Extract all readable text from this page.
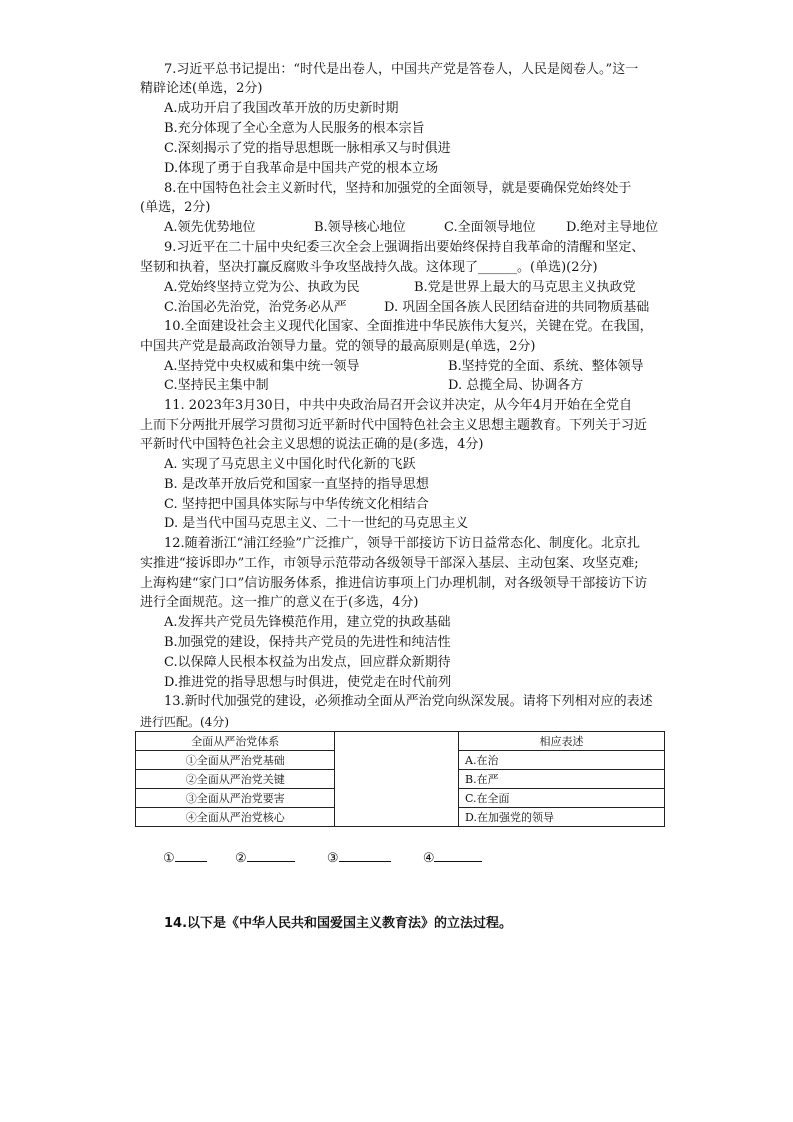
7.习近平总书记提出：“时代是出卷人，中国共产党是答卷人，人民是阅卷人。”这一
精辟论述(单选，2分)
A.成功开启了我国改革开放的历史新时期
B.充分体现了全心全意为人民服务的根本宗旨
C.深刻揭示了党的指导思想既一脉相承又与时俱进
D.体现了勇于自我革命是中国共产党的根本立场
8.在中国特色社会主义新时代，坚持和加强党的全面领导，就是要确保党始终处于
(单选，2分)
A.领先优势地位	B.领导核心地位	C.全面领导地位 D.绝对主导地位
9.习近平在二十届中央纪委三次全会上强调指出要始终保持自我革命的清醒和坚定、
坚韧和执着，坚决打赢反腐败斗争攻坚战持久战。这体现了______。(单选)(2分)
A.党始终坚持立党为公、执政为民	B.党是世界上最大的马克思主义执政党
C.治国必先治党，治党务必从严	D. 巩固全国各族人民团结奋进的共同物质基础
10.全面建设社会主义现代化国家、全面推进中华民族伟大复兴，关键在党。在我国，
中国共产党是最高政治领导力量。党的领导的最高原则是(单选，2分)
A.坚持党中央权威和集中统一领导	B.坚持党的全面、系统、整体领导
C.坚持民主集中制	D. 总揽全局、协调各方
11. 2023年3月30日，中共中央政治局召开会议并决定，从今年4月开始在全党自
上而下分两批开展学习贯彻习近平新时代中国特色社会主义思想主题教育。下列关于习近
平新时代中国特色社会主义思想的说法正确的是(多选，4分)
A. 实现了马克思主义中国化时代化新的飞跃
B. 是改革开放后党和国家一直坚持的指导思想
C. 坚持把中国具体实际与中华传统文化相结合
D. 是当代中国马克思主义、二十一世纪的马克思主义
12.随着浙江“浦江经验”广泛推广，领导干部接访下访日益常态化、制度化。北京扎
实推进“接诉即办”工作，市领导示范带动各级领导干部深入基层、主动包案、攻坚克难;
上海构建“家门口”信访服务体系，推进信访事项上门办理机制，对各级领导干部接访下访
进行全面规范。这一推广的意义在于(多选，4分)
A.发挥共产党员先锋模范作用，建立党的执政基础
B.加强党的建设，保持共产党员的先进性和纯洁性
C.以保障人民根本权益为出发点，回应群众新期待
D.推进党的指导思想与时俱进，使党走在时代前列
13.新时代加强党的建设，必须推动全面从严治党向纵深发展。请将下列相对应的表述
进行匹配。(4分)
全面从严治党体系		相应表述
①全面从严治党基础		A.在治
②全面从严治党关键		B.在严
③全面从严治党要害		C.在全面
④全面从严治党核心		D.在加强党的领导
①	②	③	④
14.以下是《中华人民共和国爱国主义教育法》的立法过程。
